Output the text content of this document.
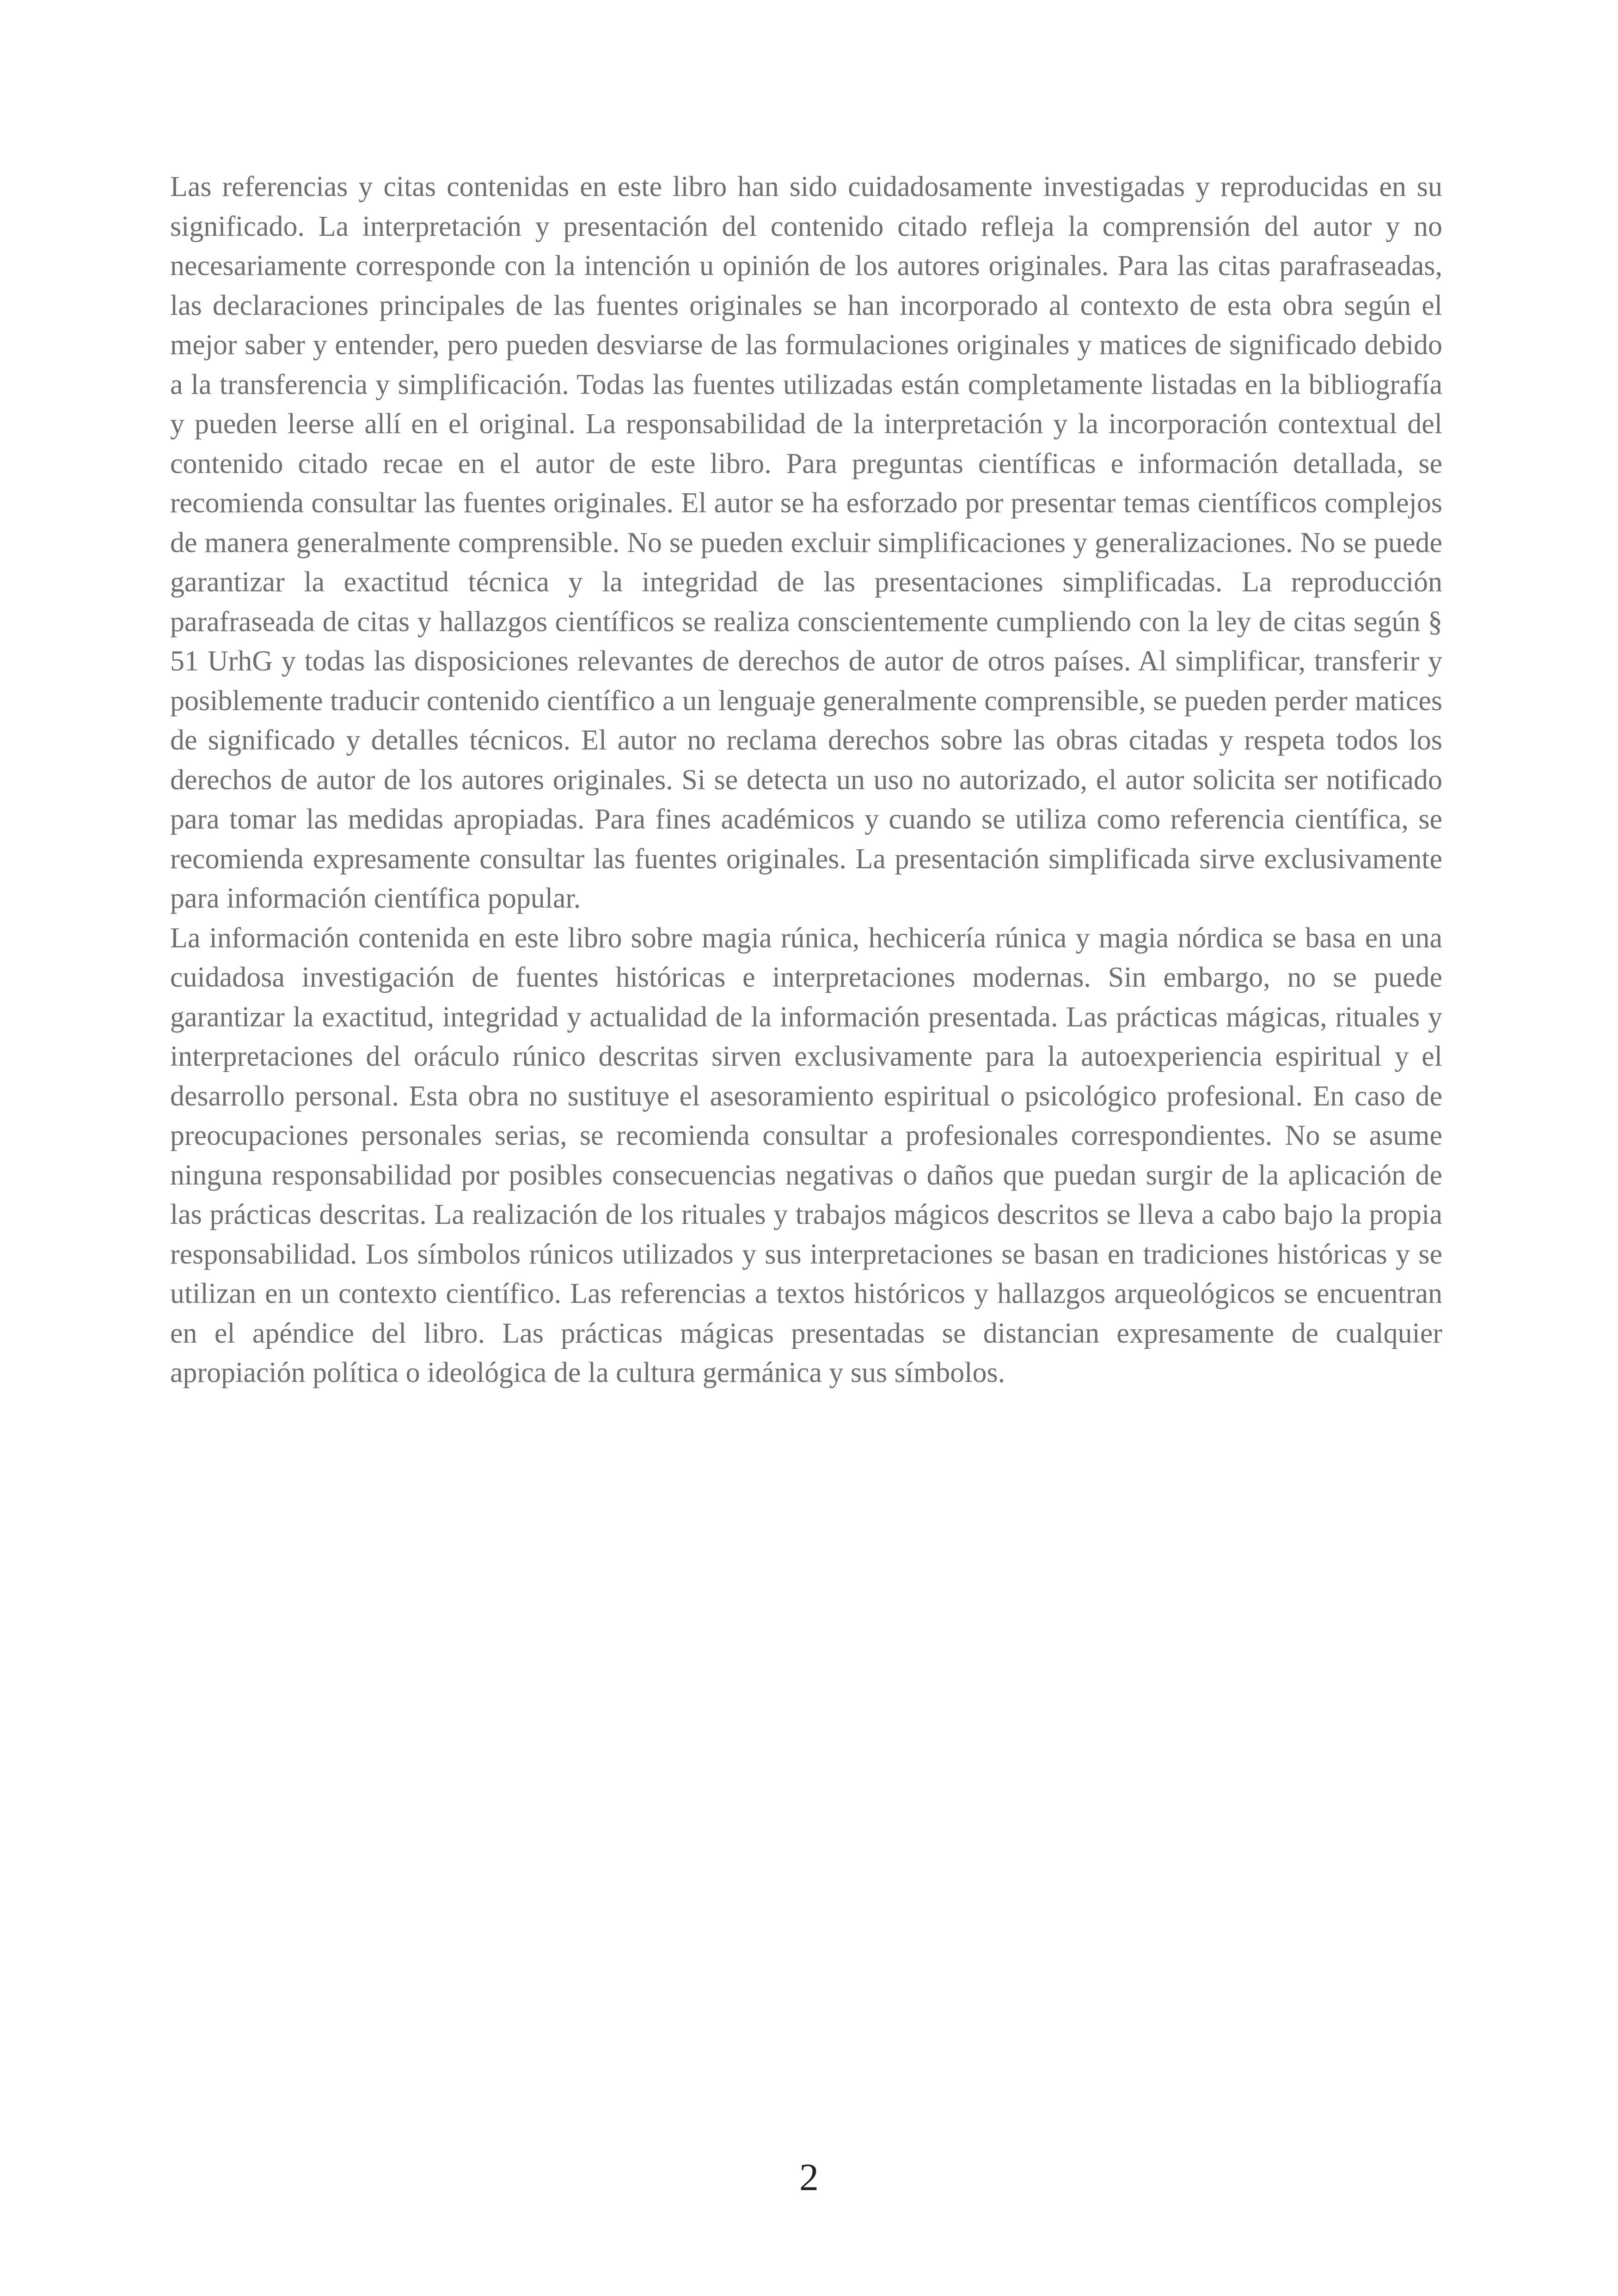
Las referencias y citas contenidas en este libro han sido cuidadosamente investigadas y reproducidas en su significado. La interpretación y presentación del contenido citado refleja la comprensión del autor y no necesariamente corresponde con la intención u opinión de los autores originales. Para las citas parafraseadas, las declaraciones principales de las fuentes originales se han incorporado al contexto de esta obra según el mejor saber y entender, pero pueden desviarse de las formulaciones originales y matices de significado debido a la transferencia y simplificación. Todas las fuentes utilizadas están completamente listadas en la bibliografía y pueden leerse allí en el original. La responsabilidad de la interpretación y la incorporación contextual del contenido citado recae en el autor de este libro. Para preguntas científicas e información detallada, se recomienda consultar las fuentes originales. El autor se ha esforzado por presentar temas científicos complejos de manera generalmente comprensible. No se pueden excluir simplificaciones y generalizaciones. No se puede garantizar la exactitud técnica y la integridad de las presentaciones simplificadas. La reproducción parafraseada de citas y hallazgos científicos se realiza conscientemente cumpliendo con la ley de citas según § 51 UrhG y todas las disposiciones relevantes de derechos de autor de otros países. Al simplificar, transferir y posiblemente traducir contenido científico a un lenguaje generalmente comprensible, se pueden perder matices de significado y detalles técnicos. El autor no reclama derechos sobre las obras citadas y respeta todos los derechos de autor de los autores originales. Si se detecta un uso no autorizado, el autor solicita ser notificado para tomar las medidas apropiadas. Para fines académicos y cuando se utiliza como referencia científica, se recomienda expresamente consultar las fuentes originales. La presentación simplificada sirve exclusivamente para información científica popular.

La información contenida en este libro sobre magia rúnica, hechicería rúnica y magia nórdica se basa en una cuidadosa investigación de fuentes históricas e interpretaciones modernas. Sin embargo, no se puede garantizar la exactitud, integridad y actualidad de la información presentada. Las prácticas mágicas, rituales y interpretaciones del oráculo rúnico descritas sirven exclusivamente para la autoexperiencia espiritual y el desarrollo personal. Esta obra no sustituye el asesoramiento espiritual o psicológico profesional. En caso de preocupaciones personales serias, se recomienda consultar a profesionales correspondientes. No se asume ninguna responsabilidad por posibles consecuencias negativas o daños que puedan surgir de la aplicación de las prácticas descritas. La realización de los rituales y trabajos mágicos descritos se lleva a cabo bajo la propia responsabilidad. Los símbolos rúnicos utilizados y sus interpretaciones se basan en tradiciones históricas y se utilizan en un contexto científico. Las referencias a textos históricos y hallazgos arqueológicos se encuentran en el apéndice del libro. Las prácticas mágicas presentadas se distancian expresamente de cualquier apropiación política o ideológica de la cultura germánica y sus símbolos.

2
